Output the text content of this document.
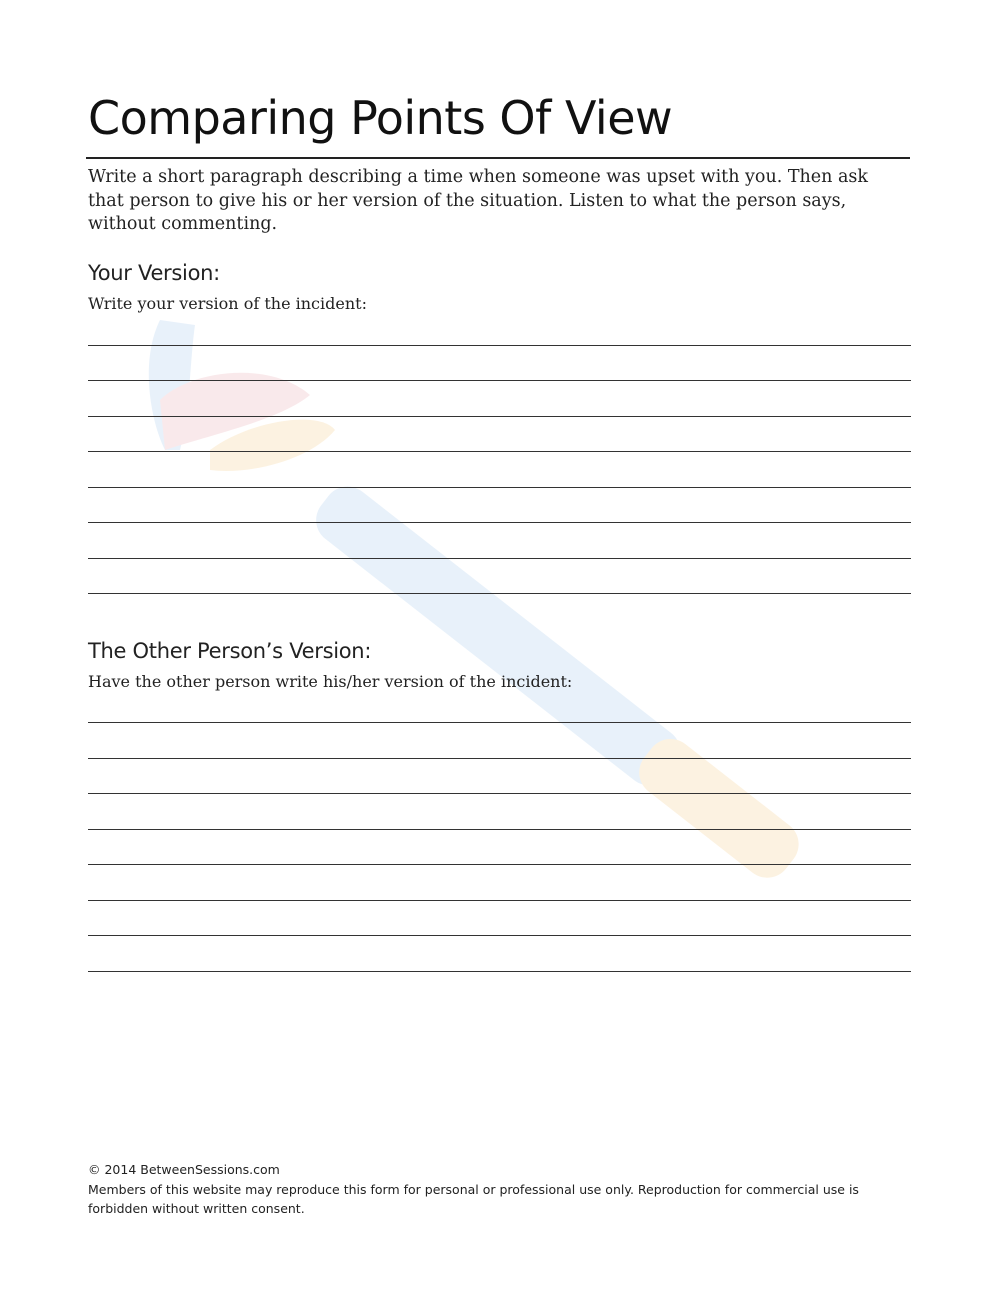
Comparing Points Of View

Write a short paragraph describing a time when someone was upset with you. Then ask that person to give his or her version of the situation. Listen to what the person says, without commenting.

Your Version:

Write your version of the incident:

The Other Person’s Version:

Have the other person write his/her version of the incident:

© 2014 BetweenSessions.com
Members of this website may reproduce this form for personal or professional use only. Reproduction for commercial use is forbidden without written consent.
